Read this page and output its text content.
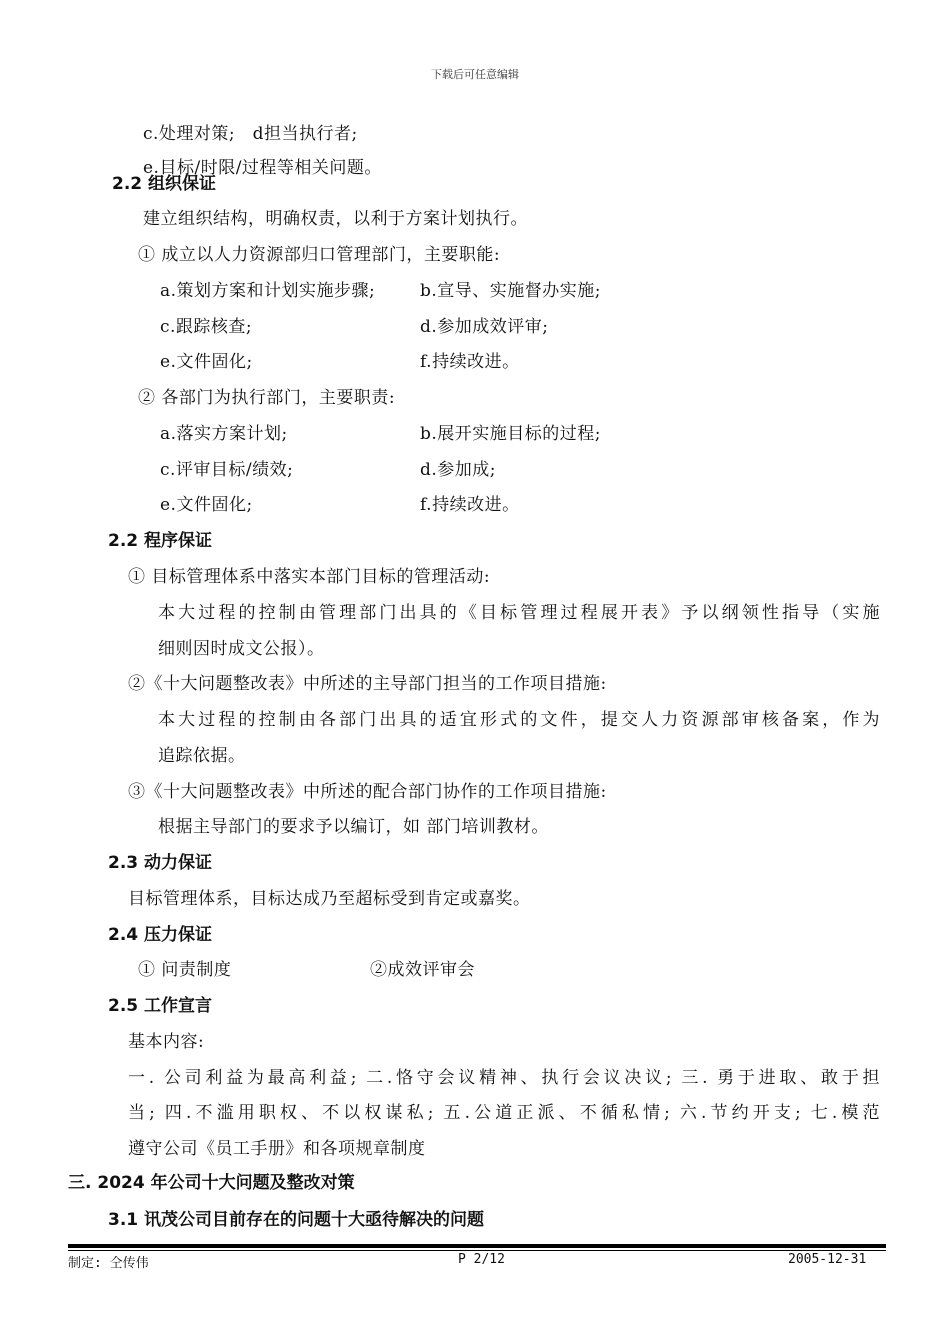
下载后可任意编辑
c.处理对策;　d担当执行者;
e.目标/时限/过程等相关问题。
2.2 组织保证
建立组织结构，明确权责，以利于方案计划执行。
① 成立以人力资源部归口管理部门，主要职能:
a.策划方案和计划实施步骤;	b.宣导、实施督办实施;
c.跟踪核查;	d.参加成效评审;
e.文件固化;	f.持续改进。
② 各部门为执行部门，主要职责:
a.落实方案计划;	b.展开实施目标的过程;
c.评审目标/绩效;	d.参加成;
e.文件固化;	f.持续改进。
2.2 程序保证
① 目标管理体系中落实本部门目标的管理活动:
本大过程的控制由管理部门出具的《目标管理过程展开表》予以纲领性指导（实施
细则因时成文公报）。
②《十大问题整改表》中所述的主导部门担当的工作项目措施:
本大过程的控制由各部门出具的适宜形式的文件，提交人力资源部审核备案，作为
追踪依据。
③《十大问题整改表》中所述的配合部门协作的工作项目措施:
根据主导部门的要求予以编订，如 部门培训教材。
2.3 动力保证
目标管理体系，目标达成乃至超标受到肯定或嘉奖。
2.4 压力保证
① 问责制度	②成效评审会
2.5 工作宣言
基本内容:
一. 公司利益为最高利益; 二.恪守会议精神、执行会议决议; 三. 勇于进取、敢于担
当; 四.不滥用职权、不以权谋私; 五.公道正派、不循私情; 六.节约开支; 七.模范
遵守公司《员工手册》和各项规章制度
三. 2024 年公司十大问题及整改对策
3.1 讯茂公司目前存在的问题十大亟待解决的问题
制定: 仝传伟	P 2/12	2005-12-31
